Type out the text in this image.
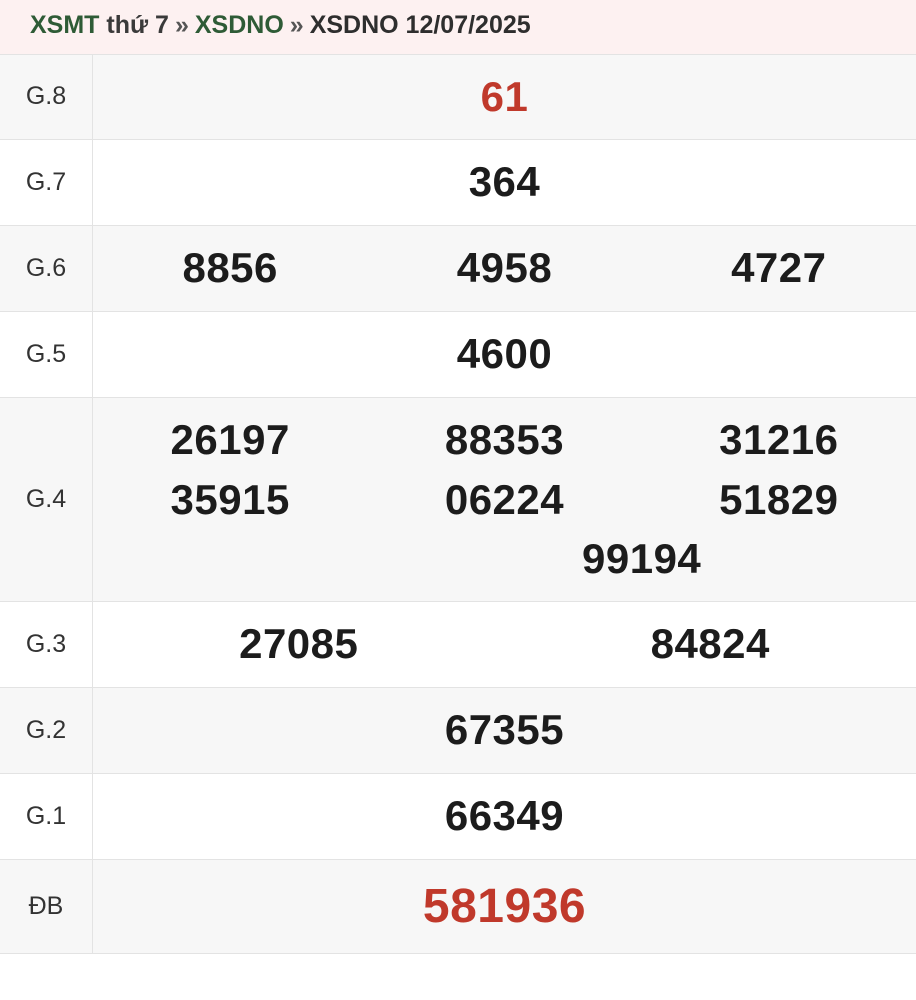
XSMT thứ 7 » XSDNO » XSDNO 12/07/2025
G.8	61

G.7	364

G.6	8856 4958 4727

G.5	4600

G.4	
26197	88353	31216
35915	06224	51829
99194

G.3	27085 84824

G.2	67355

G.1	66349

ĐB	581936
